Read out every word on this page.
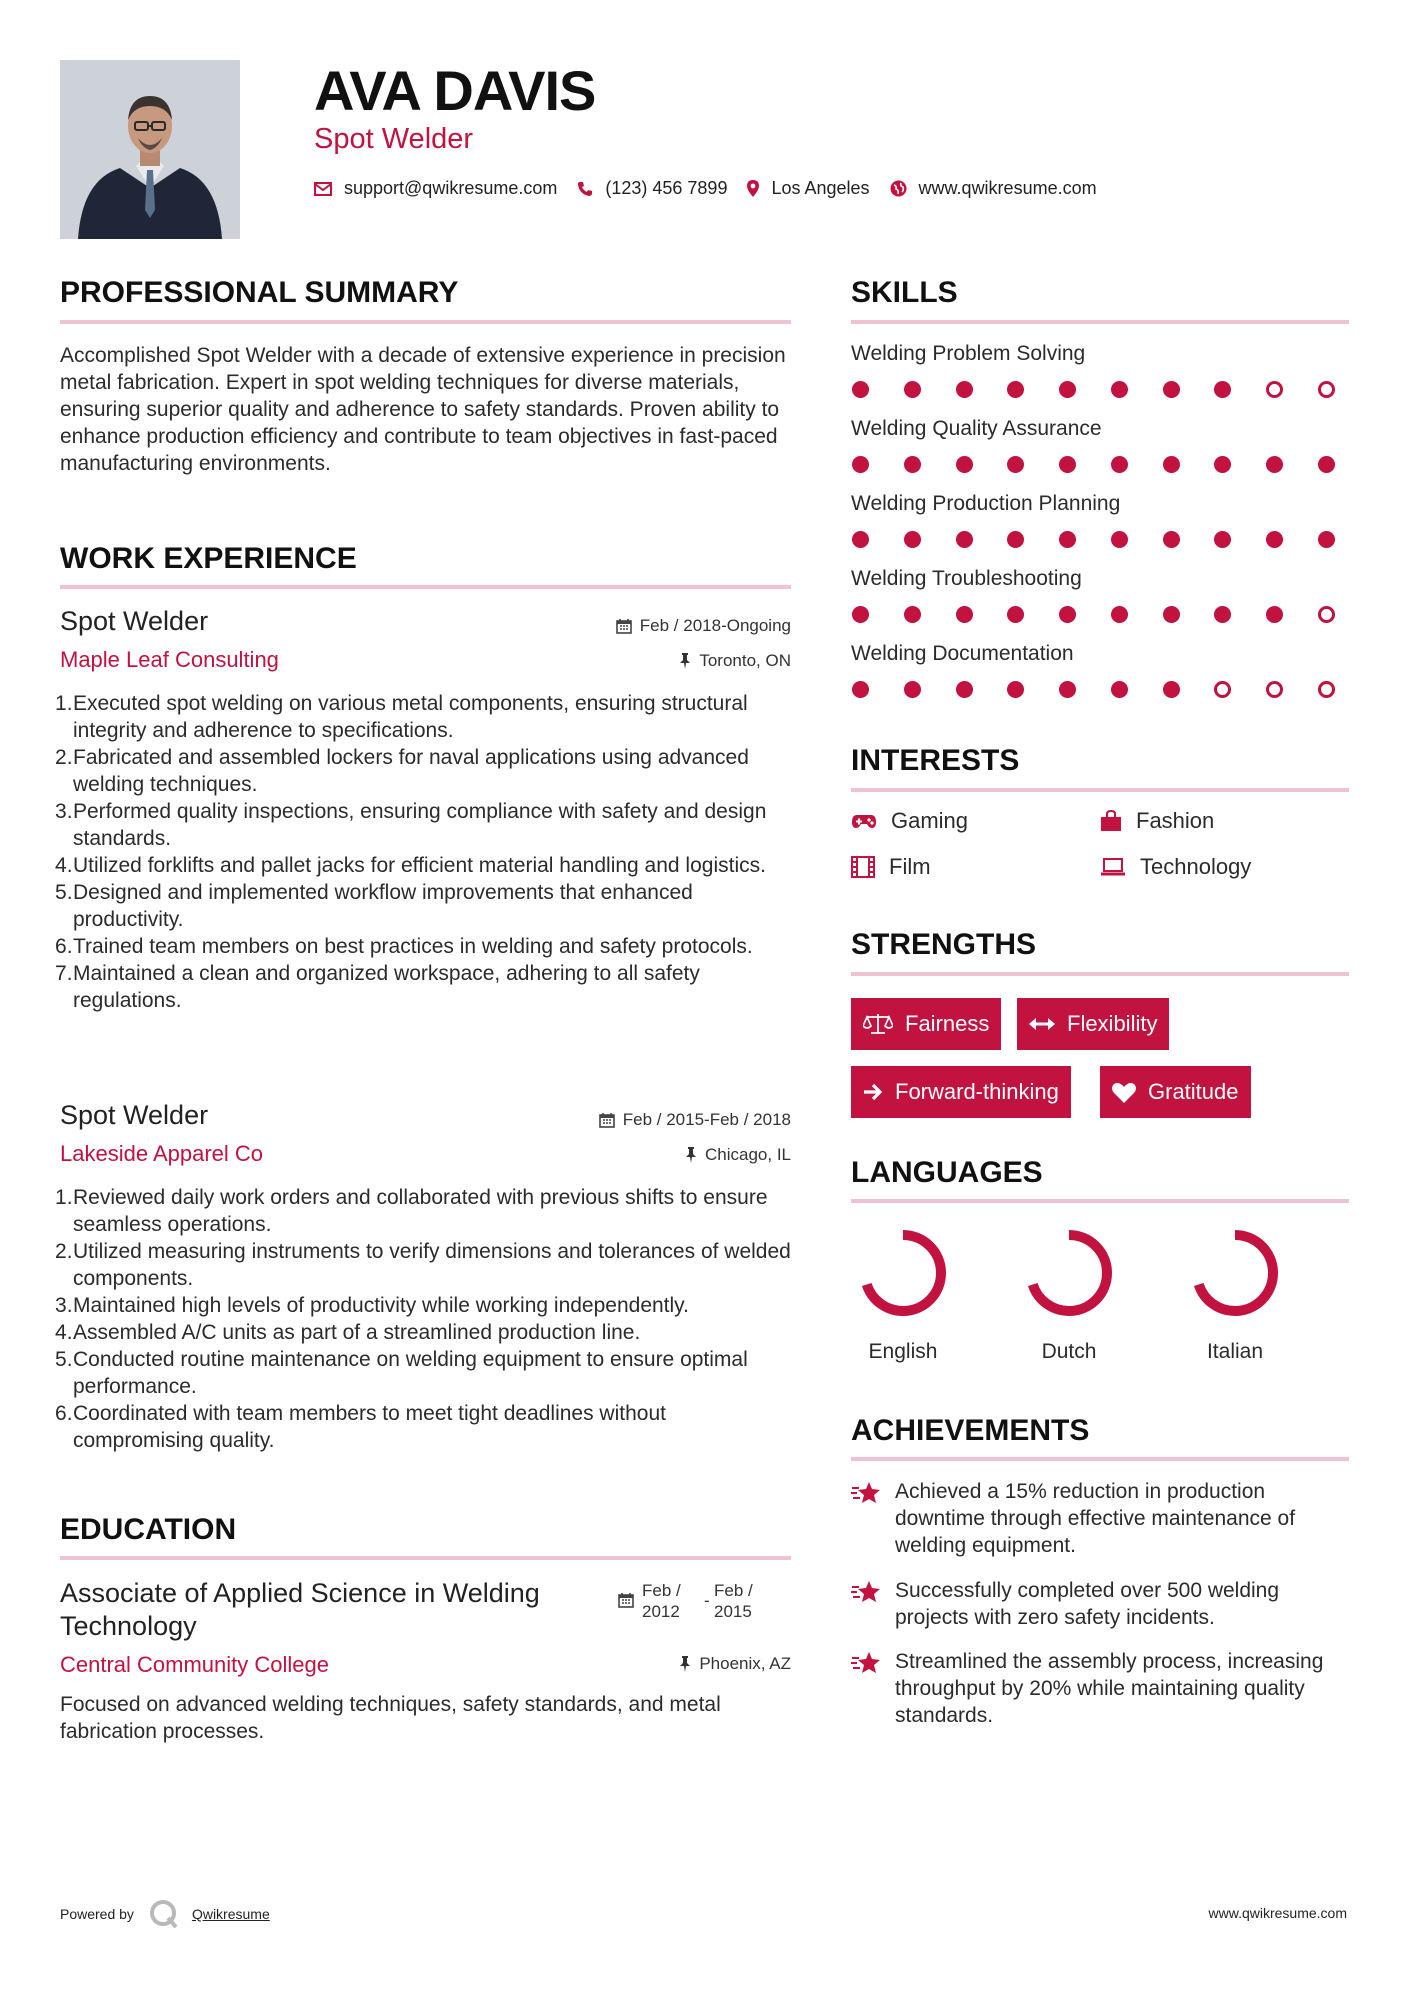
AVA DAVIS
Spot Welder
support@qwikresume.com	(123) 456 7899 Los Angeles	www.qwikresume.com
PROFESSIONAL SUMMARY
Accomplished Spot Welder with a decade of extensive experience in precision metal fabrication. Expert in spot welding techniques for diverse materials, ensuring superior quality and adherence to safety standards. Proven ability to enhance production efficiency and contribute to team objectives in fast-paced manufacturing environments.
WORK EXPERIENCE
Spot Welder	Feb / 2018-Ongoing
Maple Leaf Consulting	Toronto, ON
1 . Executed spot welding on various metal components, ensuring structural integrity and adherence to specifications.
2 . Fabricated and assembled lockers for naval applications using advanced welding techniques.
3 . Performed quality inspections, ensuring compliance with safety and design standards.
4 . Utilized forklifts and pallet jacks for efficient material handling and logistics.
5 . Designed and implemented workflow improvements that enhanced productivity.
6 . Trained team members on best practices in welding and safety protocols.
7 . Maintained a clean and organized workspace, adhering to all safety regulations.
Spot Welder	Feb / 2015-Feb / 2018
Lakeside Apparel Co	Chicago, IL
1 . Reviewed daily work orders and collaborated with previous shifts to ensure seamless operations.
2 . Utilized measuring instruments to verify dimensions and tolerances of welded components.
3 . Maintained high levels of productivity while working independently.
4 . Assembled A/C units as part of a streamlined production line.
5 . Conducted routine maintenance on welding equipment to ensure optimal performance.
6 . Coordinated with team members to meet tight deadlines without compromising quality.
EDUCATION
Associate of Applied Science in Welding Technology
Feb /
2012
-
Feb /
2015
Central Community College	Phoenix, AZ
Focused on advanced welding techniques, safety standards, and metal fabrication processes.
SKILLS
Welding Problem Solving
Welding Quality Assurance
Welding Production Planning
Welding Troubleshooting
Welding Documentation
INTERESTS
Gaming	Fashion
Film	Technology
STRENGTHS
Fairness	Flexibility
Forward-thinking	Gratitude
LANGUAGES
English	Dutch	Italian
ACHIEVEMENTS
Achieved a 15% reduction in production downtime through effective maintenance of welding equipment.
Successfully completed over 500 welding projects with zero safety incidents.
Streamlined the assembly process, increasing throughput by 20% while maintaining quality standards.
Powered by	Qwikresume	www.qwikresume.com
